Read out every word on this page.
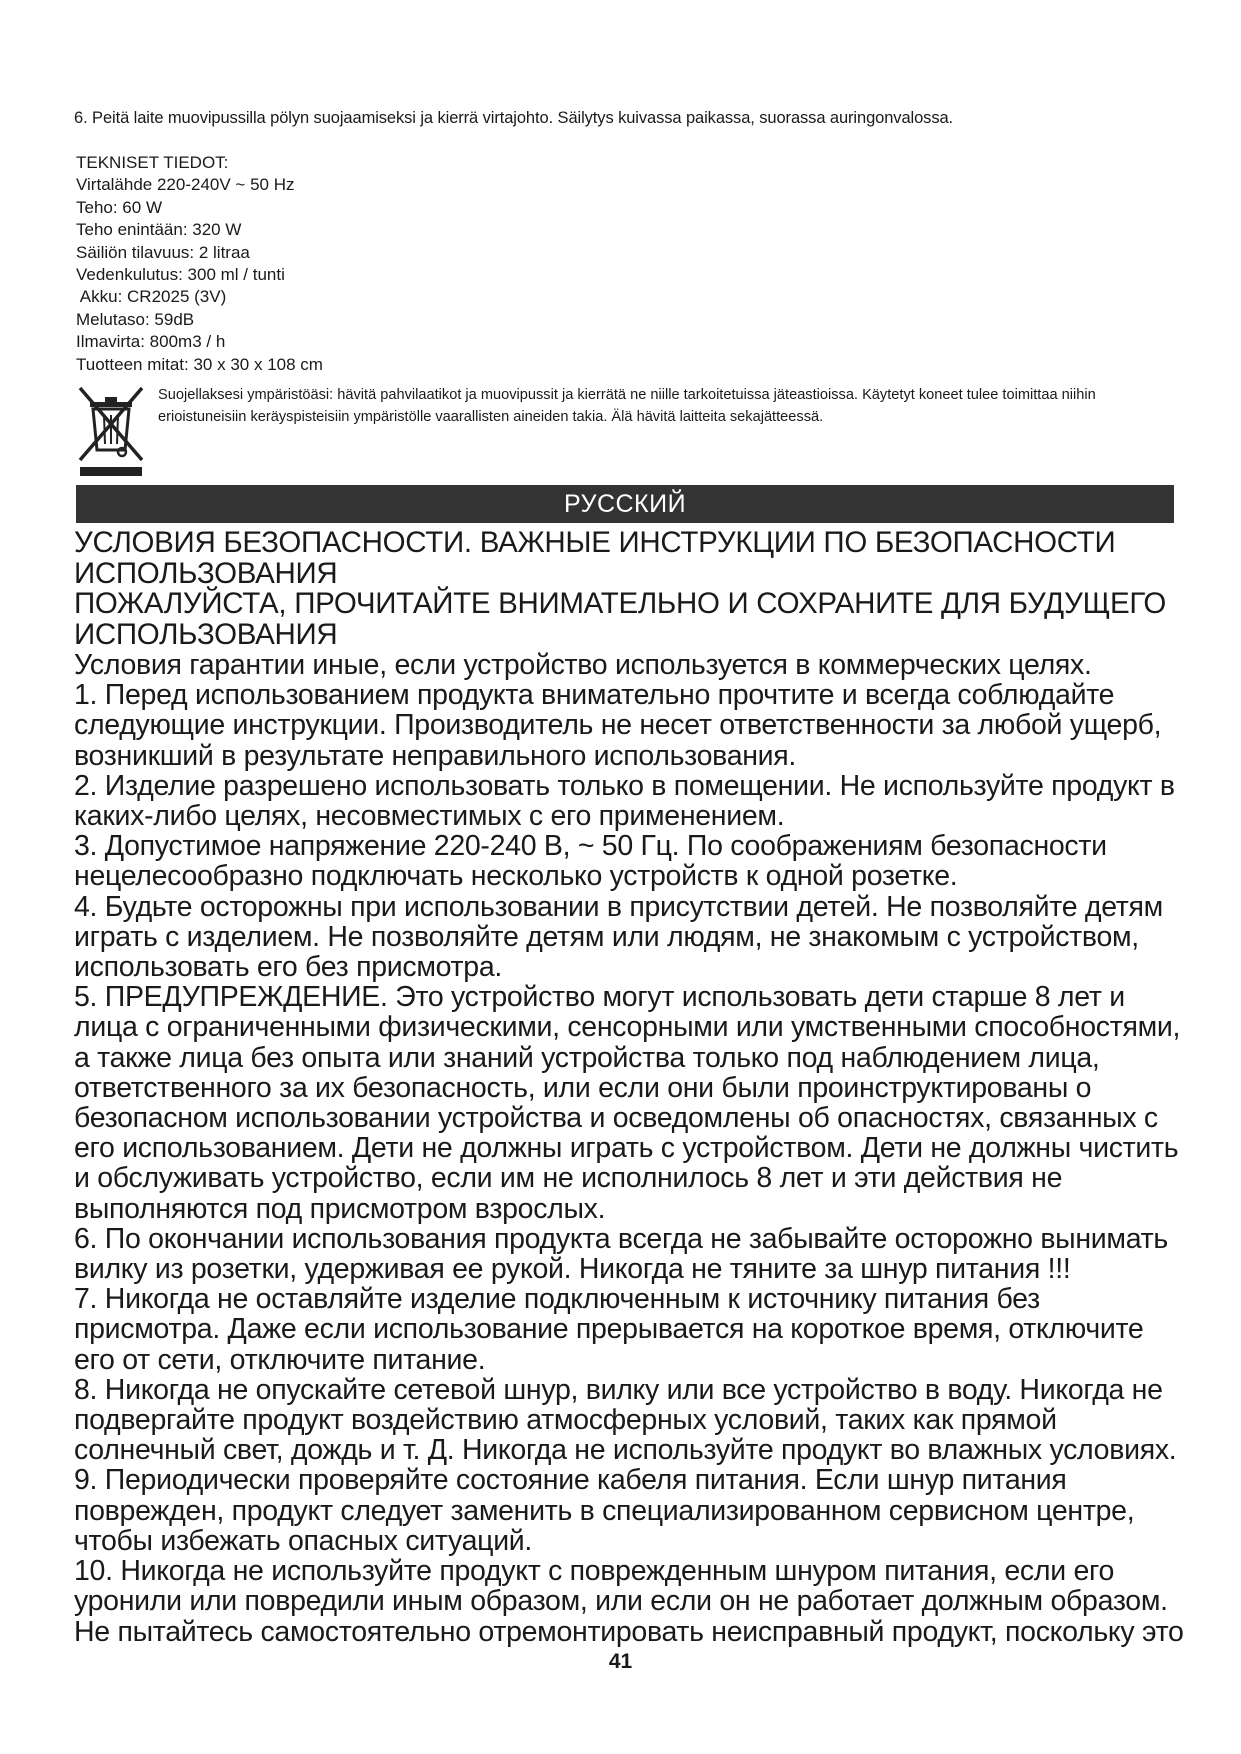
6. Peitä laite muovipussilla pölyn suojaamiseksi ja kierrä virtajohto. Säilytys kuivassa paikassa, suorassa auringonvalossa.
TEKNISET TIEDOT:
Virtalähde 220-240V ~ 50 Hz
Teho: 60 W
Teho enintään: 320 W
Säiliön tilavuus: 2 litraa
Vedenkulutus: 300 ml / tunti
Akku: CR2025 (3V)
Melutaso: 59dB
Ilmavirta: 800m3 / h
Tuotteen mitat: 30 x 30 x 108 cm
Suojellaksesi ympäristöäsi: hävitä pahvilaatikot ja muovipussit ja kierrätä ne niille tarkoitetuissa jäteastioissa. Käytetyt koneet tulee toimittaa niihin erioistuneisiin keräyspisteisiin ympäristölle vaarallisten aineiden takia. Älä hävitä laitteita sekajätteessä.
РУССКИЙ

УСЛОВИЯ БЕЗОПАСНОСТИ. ВАЖНЫЕ ИНСТРУКЦИИ ПО БЕЗОПАСНОСТИ ИСПОЛЬЗОВАНИЯ

ПОЖАЛУЙСТА, ПРОЧИТАЙТЕ ВНИМАТЕЛЬНО И СОХРАНИТЕ ДЛЯ БУДУЩЕГО ИСПОЛЬЗОВАНИЯ

Условия гарантии иные, если устройство используется в коммерческих целях.

1. Перед использованием продукта внимательно прочтите и всегда соблюдайте следующие инструкции. Производитель не несет ответственности за любой ущерб, возникший в результате неправильного использования.

2. Изделие разрешено использовать только в помещении. Не используйте продукт в каких-либо целях, несовместимых с его применением.

3. Допустимое напряжение 220-240 В, ~ 50 Гц. По соображениям безопасности нецелесообразно подключать несколько устройств к одной розетке.

4. Будьте осторожны при использовании в присутствии детей. Не позволяйте детям играть с изделием. Не позволяйте детям или людям, не знакомым с устройством, использовать его без присмотра.

5. ПРЕДУПРЕЖДЕНИЕ. Это устройство могут использовать дети старше 8 лет и лица с ограниченными физическими, сенсорными или умственными способностями, а также лица без опыта или знаний устройства только под наблюдением лица, ответственного за их безопасность, или если они были проинструктированы о безопасном использовании устройства и осведомлены об опасностях, связанных с его использованием. Дети не должны играть с устройством. Дети не должны чистить и обслуживать устройство, если им не исполнилось 8 лет и эти действия не выполняются под присмотром взрослых.

6. По окончании использования продукта всегда не забывайте осторожно вынимать вилку из розетки, удерживая ее рукой. Никогда не тяните за шнур питания !!!

7. Никогда не оставляйте изделие подключенным к источнику питания без присмотра. Даже если использование прерывается на короткое время, отключите его от сети, отключите питание.

8. Никогда не опускайте сетевой шнур, вилку или все устройство в воду. Никогда не подвергайте продукт воздействию атмосферных условий, таких как прямой солнечный свет, дождь и т. Д. Никогда не используйте продукт во влажных условиях.

9. Периодически проверяйте состояние кабеля питания. Если шнур питания поврежден, продукт следует заменить в специализированном сервисном центре, чтобы избежать опасных ситуаций.

10. Никогда не используйте продукт с поврежденным шнуром питания, если его уронили или повредили иным образом, или если он не работает должным образом. Не пытайтесь самостоятельно отремонтировать неисправный продукт, поскольку это

41
